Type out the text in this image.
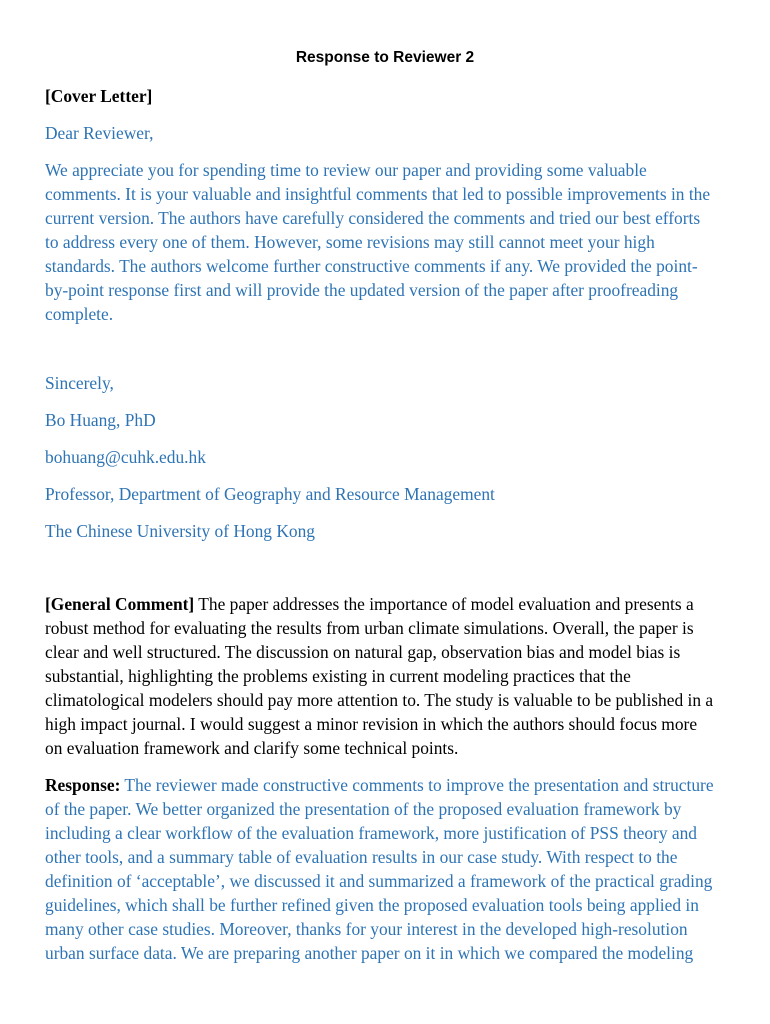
Response to Reviewer 2
[Cover Letter]
Dear Reviewer,
We appreciate you for spending time to review our paper and providing some valuable
comments. It is your valuable and insightful comments that led to possible improvements in the
current version. The authors have carefully considered the comments and tried our best efforts
to address every one of them. However, some revisions may still cannot meet your high
standards. The authors welcome further constructive comments if any. We provided the point-
by-point response first and will provide the updated version of the paper after proofreading
complete.
Sincerely,
Bo Huang, PhD
bohuang@cuhk.edu.hk
Professor, Department of Geography and Resource Management
The Chinese University of Hong Kong
[General Comment] The paper addresses the importance of model evaluation and presents a
robust method for evaluating the results from urban climate simulations. Overall, the paper is
clear and well structured. The discussion on natural gap, observation bias and model bias is
substantial, highlighting the problems existing in current modeling practices that the
climatological modelers should pay more attention to. The study is valuable to be published in a
high impact journal. I would suggest a minor revision in which the authors should focus more
on evaluation framework and clarify some technical points.
Response: The reviewer made constructive comments to improve the presentation and structure
of the paper. We better organized the presentation of the proposed evaluation framework by
including a clear workflow of the evaluation framework, more justification of PSS theory and
other tools, and a summary table of evaluation results in our case study. With respect to the
definition of ‘acceptable’, we discussed it and summarized a framework of the practical grading
guidelines, which shall be further refined given the proposed evaluation tools being applied in
many other case studies. Moreover, thanks for your interest in the developed high-resolution
urban surface data. We are preparing another paper on it in which we compared the modeling
